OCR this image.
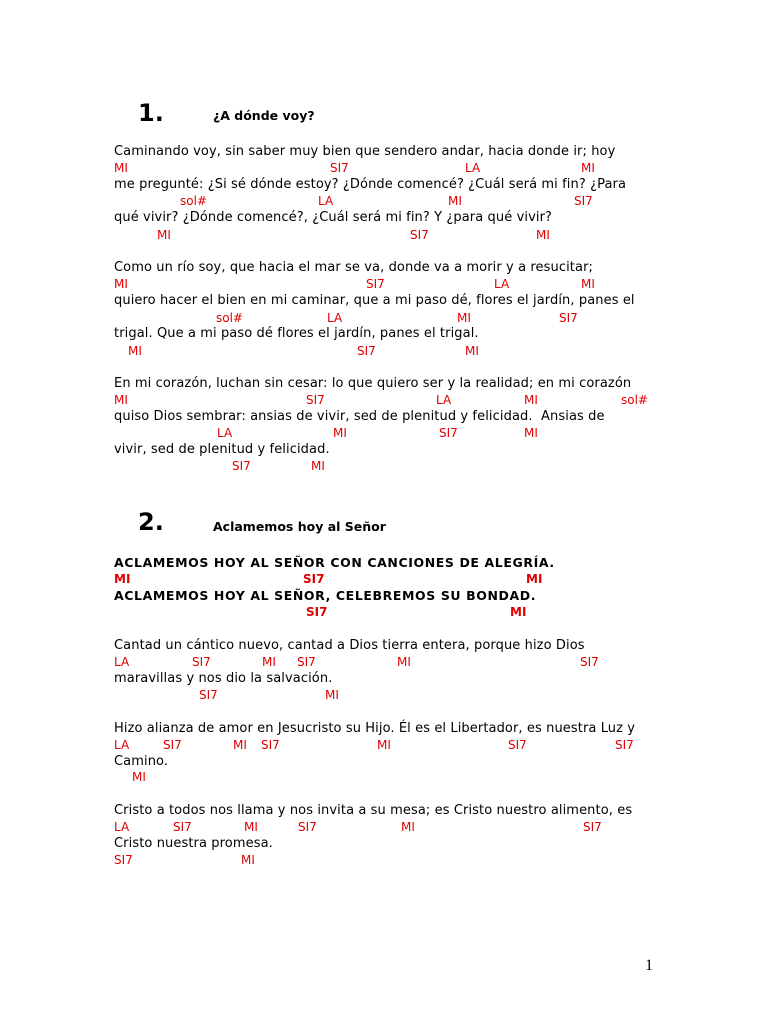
1.	¿A dónde voy?
Caminando voy, sin saber muy bien que sendero andar, hacia donde ir; hoy
MI	SI7	LA	MI
me pregunté: ¿Si sé dónde estoy? ¿Dónde comencé? ¿Cuál será mi fin? ¿Para
sol#	LA	MI	SI7
qué vivir? ¿Dónde comencé?, ¿Cuál será mi fin? Y ¿para qué vivir?
MI	SI7	MI
Como un río soy, que hacia el mar se va, donde va a morir y a resucitar;
MI	SI7	LA	MI
quiero hacer el bien en mi caminar, que a mi paso dé, flores el jardín, panes el
sol#	LA	MI	SI7
trigal. Que a mi paso dé flores el jardín, panes el trigal.
MI	SI7	MI
En mi corazón, luchan sin cesar: lo que quiero ser y la realidad; en mi corazón
MI	SI7	LA	MI	sol#
quiso Dios sembrar: ansias de vivir, sed de plenitud y felicidad.  Ansias de
LA	MI	SI7	MI
vivir, sed de plenitud y felicidad.
SI7	MI
2.	Aclamemos hoy al Señor
ACLAMEMOS HOY AL SEÑOR CON CANCIONES DE ALEGRÍA.
MI	SI7	MI
ACLAMEMOS HOY AL SEÑOR, CELEBREMOS SU BONDAD.
SI7	MI
Cantad un cántico nuevo, cantad a Dios tierra entera, porque hizo Dios
LA	SI7	MI SI7	MI	SI7
maravillas y nos dio la salvación.
SI7	MI
Hizo alianza de amor en Jesucristo su Hijo. Él es el Libertador, es nuestra Luz y
LA	SI7	MI SI7	MI	SI7	SI7
Camino.
MI
Cristo a todos nos llama y nos invita a su mesa; es Cristo nuestro alimento, es
LA	SI7	MI	SI7	MI	SI7
Cristo nuestra promesa.
SI7	MI
1
